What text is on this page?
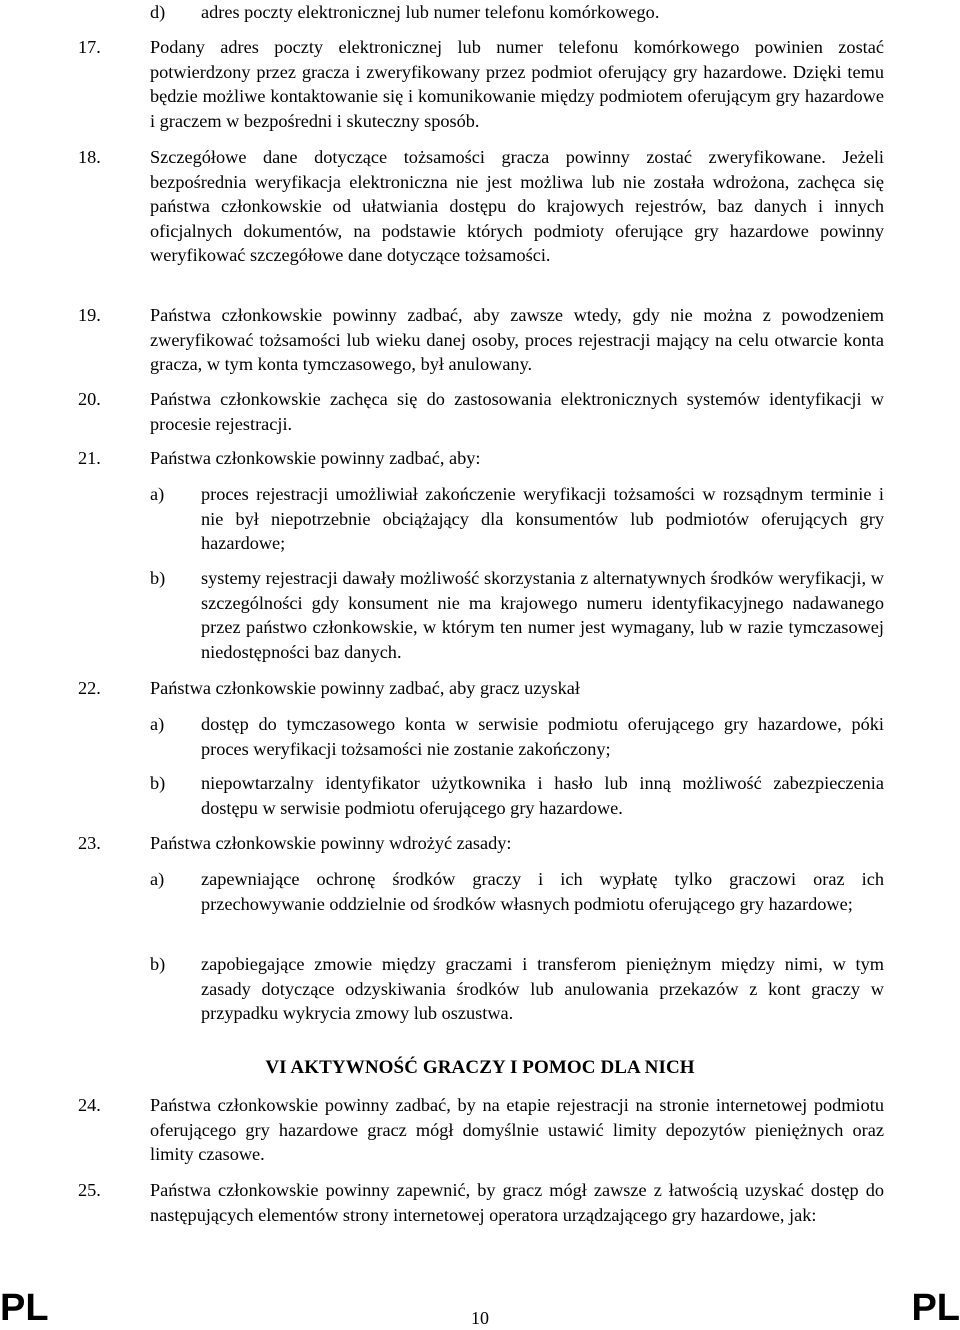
d)	adres poczty elektronicznej lub numer telefonu komórkowego.
17.	Podany adres poczty elektronicznej lub numer telefonu komórkowego powinien zostać potwierdzony przez gracza i zweryfikowany przez podmiot oferujący gry hazardowe. Dzięki temu będzie możliwe kontaktowanie się i komunikowanie między podmiotem oferującym gry hazardowe i graczem w bezpośredni i skuteczny sposób.
18.	Szczegółowe dane dotyczące tożsamości gracza powinny zostać zweryfikowane. Jeżeli bezpośrednia weryfikacja elektroniczna nie jest możliwa lub nie została wdrożona, zachęca się państwa członkowskie od ułatwiania dostępu do krajowych rejestrów, baz danych i innych oficjalnych dokumentów, na podstawie których podmioty oferujące gry hazardowe powinny weryfikować szczegółowe dane dotyczące tożsamości.
19.	Państwa członkowskie powinny zadbać, aby zawsze wtedy, gdy nie można z powodzeniem zweryfikować tożsamości lub wieku danej osoby, proces rejestracji mający na celu otwarcie konta gracza, w tym konta tymczasowego, był anulowany.
20.	Państwa członkowskie zachęca się do zastosowania elektronicznych systemów identyfikacji w procesie rejestracji.
21.	Państwa członkowskie powinny zadbać, aby:
a)	proces rejestracji umożliwiał zakończenie weryfikacji tożsamości w rozsądnym terminie i nie był niepotrzebnie obciążający dla konsumentów lub podmiotów oferujących gry hazardowe;
b)	systemy rejestracji dawały możliwość skorzystania z alternatywnych środków weryfikacji, w szczególności gdy konsument nie ma krajowego numeru identyfikacyjnego nadawanego przez państwo członkowskie, w którym ten numer jest wymagany, lub w razie tymczasowej niedostępności baz danych.
22.	Państwa członkowskie powinny zadbać, aby gracz uzyskał
a)	dostęp do tymczasowego konta w serwisie podmiotu oferującego gry hazardowe, póki proces weryfikacji tożsamości nie zostanie zakończony;
b)	niepowtarzalny identyfikator użytkownika i hasło lub inną możliwość zabezpieczenia dostępu w serwisie podmiotu oferującego gry hazardowe.
23.	Państwa członkowskie powinny wdrożyć zasady:
a)	zapewniające ochronę środków graczy i ich wypłatę tylko graczowi oraz ich przechowywanie oddzielnie od środków własnych podmiotu oferującego gry hazardowe;
b)	zapobiegające zmowie między graczami i transferom pieniężnym między nimi, w tym zasady dotyczące odzyskiwania środków lub anulowania przekazów z kont graczy w przypadku wykrycia zmowy lub oszustwa.
VI AKTYWNOŚĆ GRACZY I POMOC DLA NICH
24.	Państwa członkowskie powinny zadbać, by na etapie rejestracji na stronie internetowej podmiotu oferującego gry hazardowe gracz mógł domyślnie ustawić limity depozytów pieniężnych oraz limity czasowe.
25.	Państwa członkowskie powinny zapewnić, by gracz mógł zawsze z łatwością uzyskać dostęp do następujących elementów strony internetowej operatora urządzającego gry hazardowe, jak:
PL	10	PL
